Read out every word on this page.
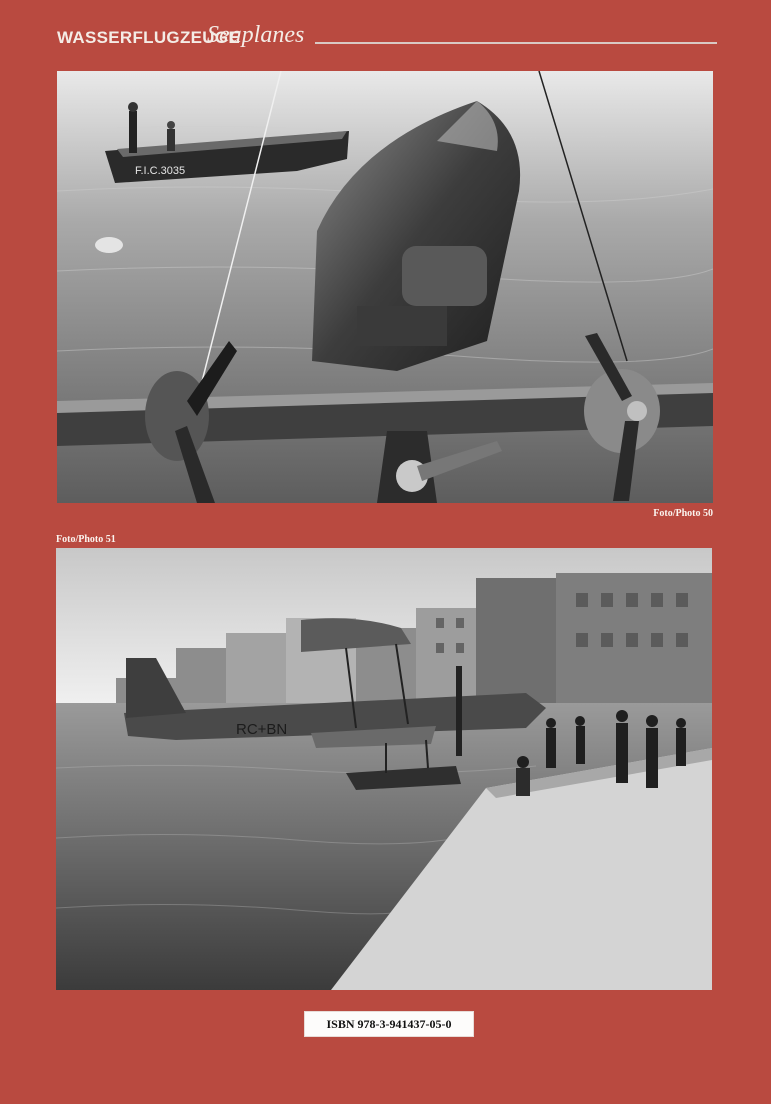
WASSERFLUGZEUGE
Seaplanes
F.I.C.3035
Foto/Photo 50
Foto/Photo 51
RC+BN
ISBN 978-3-941437-05-0
